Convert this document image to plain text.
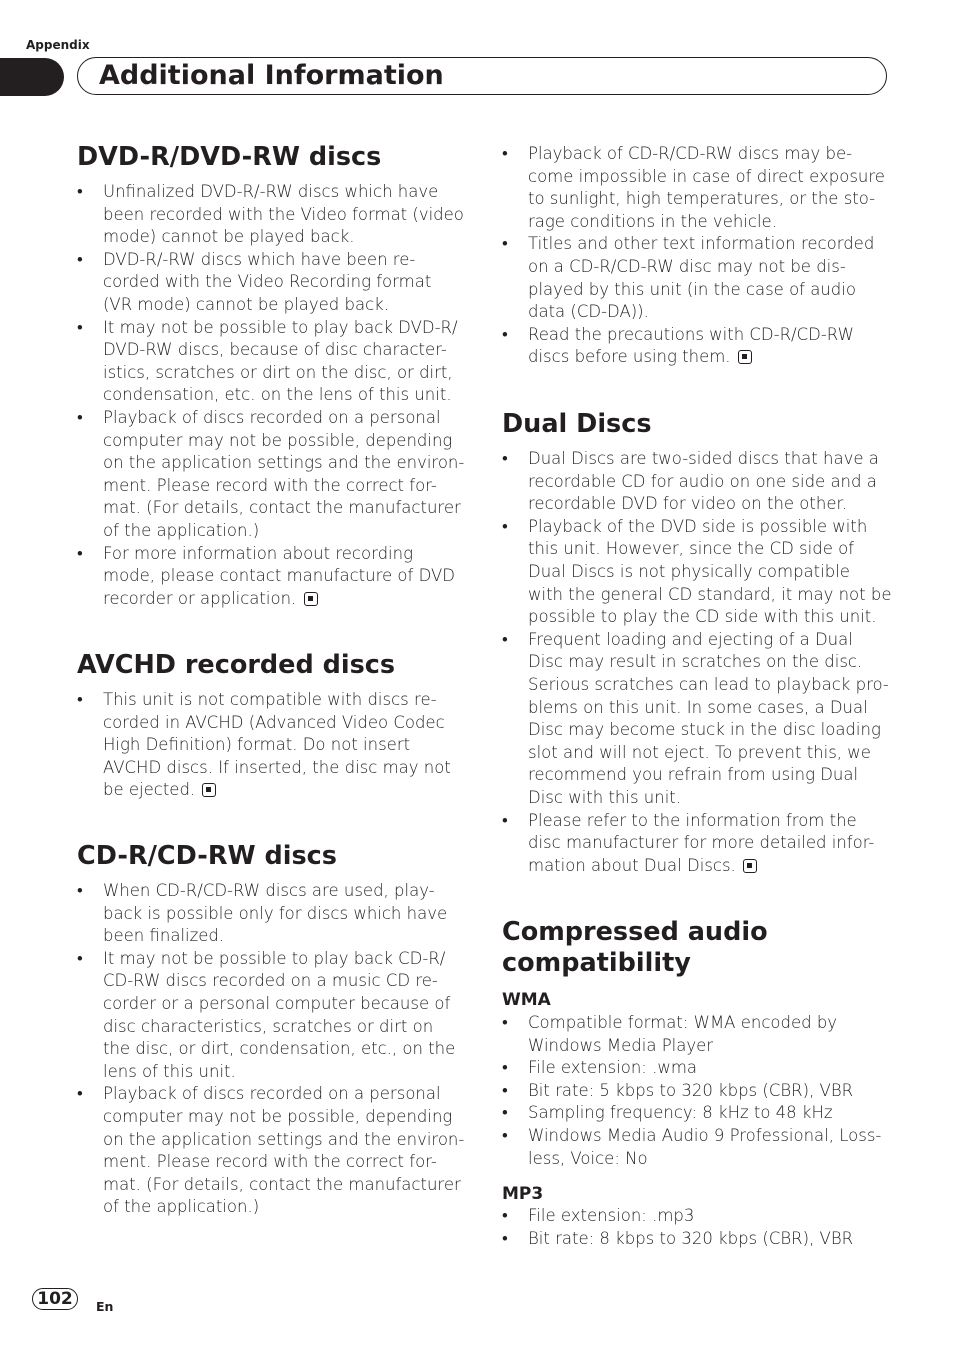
Appendix
Additional Information
DVD-R/DVD-RW discs
• Unfinalized DVD-R/-RW discs which have
been recorded with the Video format (video
mode) cannot be played back.
• DVD-R/-RW discs which have been re-
corded with the Video Recording format
(VR mode) cannot be played back.
• It may not be possible to play back DVD-R/
DVD-RW discs, because of disc character-
istics, scratches or dirt on the disc, or dirt,
condensation, etc. on the lens of this unit.
• Playback of discs recorded on a personal
computer may not be possible, depending
on the application settings and the environ-
ment. Please record with the correct for-
mat. (For details, contact the manufacturer
of the application.)
• For more information about recording
mode, please contact manufacture of DVD
recorder or application.
AVCHD recorded discs
• This unit is not compatible with discs re-
corded in AVCHD (Advanced Video Codec
High Definition) format. Do not insert
AVCHD discs. If inserted, the disc may not
be ejected.
CD-R/CD-RW discs
• When CD-R/CD-RW discs are used, play-
back is possible only for discs which have
been finalized.
• It may not be possible to play back CD-R/
CD-RW discs recorded on a music CD re-
corder or a personal computer because of
disc characteristics, scratches or dirt on
the disc, or dirt, condensation, etc., on the
lens of this unit.
• Playback of discs recorded on a personal
computer may not be possible, depending
on the application settings and the environ-
ment. Please record with the correct for-
mat. (For details, contact the manufacturer
of the application.)
• Playback of CD-R/CD-RW discs may be-
come impossible in case of direct exposure
to sunlight, high temperatures, or the sto-
rage conditions in the vehicle.
• Titles and other text information recorded
on a CD-R/CD-RW disc may not be dis-
played by this unit (in the case of audio
data (CD-DA)).
• Read the precautions with CD-R/CD-RW
discs before using them.
Dual Discs
• Dual Discs are two-sided discs that have a
recordable CD for audio on one side and a
recordable DVD for video on the other.
• Playback of the DVD side is possible with
this unit. However, since the CD side of
Dual Discs is not physically compatible
with the general CD standard, it may not be
possible to play the CD side with this unit.
• Frequent loading and ejecting of a Dual
Disc may result in scratches on the disc.
Serious scratches can lead to playback pro-
blems on this unit. In some cases, a Dual
Disc may become stuck in the disc loading
slot and will not eject. To prevent this, we
recommend you refrain from using Dual
Disc with this unit.
• Please refer to the information from the
disc manufacturer for more detailed infor-
mation about Dual Discs.
Compressed audio
compatibility
WMA
• Compatible format: WMA encoded by
Windows Media Player
• File extension: .wma
• Bit rate: 5 kbps to 320 kbps (CBR), VBR
• Sampling frequency: 8 kHz to 48 kHz
• Windows Media Audio 9 Professional, Loss-
less, Voice: No
MP3
• File extension: .mp3
• Bit rate: 8 kbps to 320 kbps (CBR), VBR
102	En
